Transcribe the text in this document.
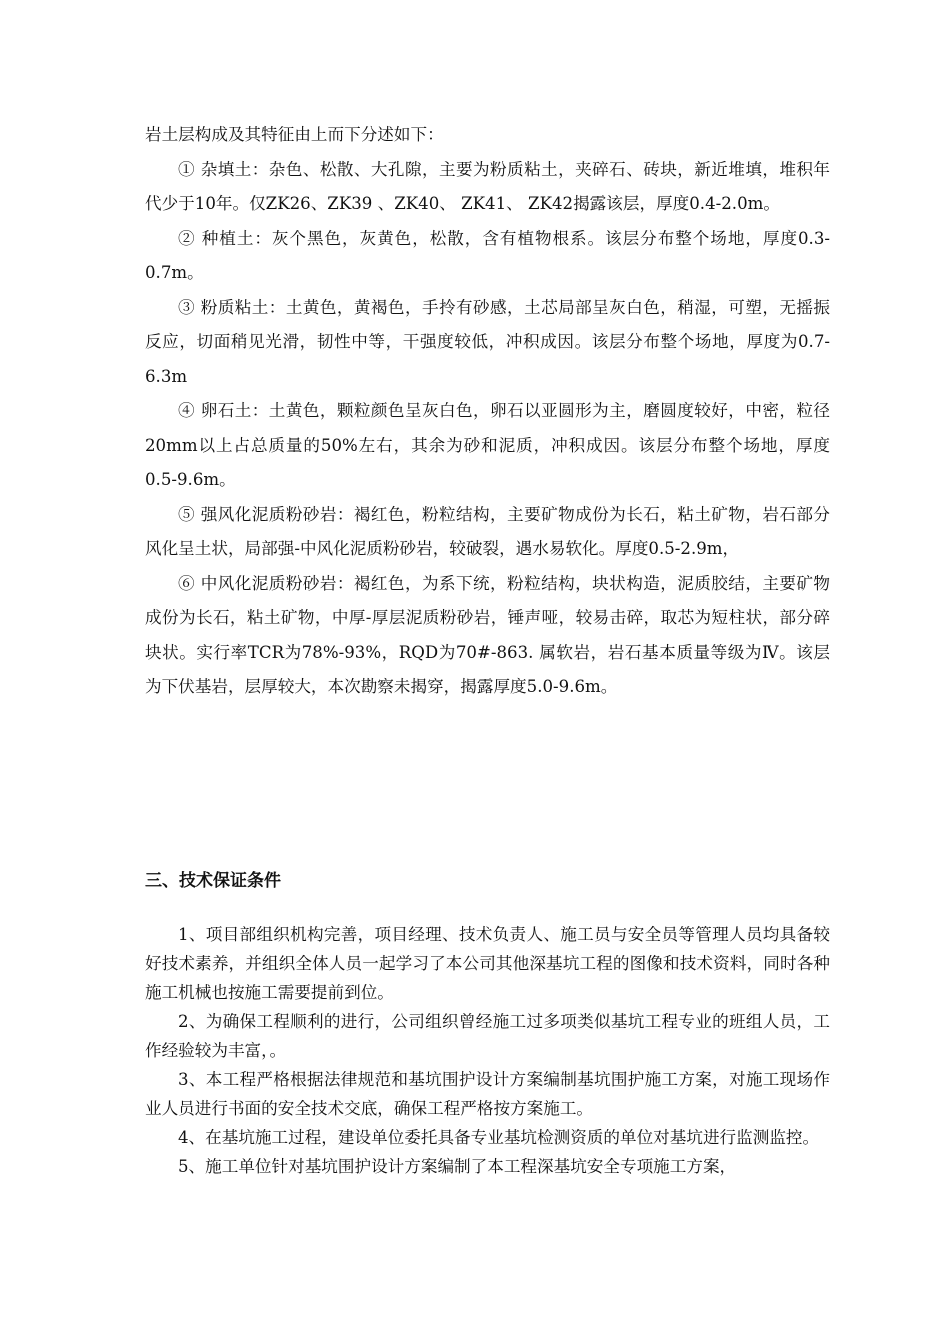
岩土层构成及其特征由上而下分述如下：

① 杂填土：杂色、松散、大孔隙，主要为粉质粘土，夹碎石、砖块，新近堆填，堆积年代少于10年。仅ZK26、ZK39 、ZK40、 ZK41、 ZK42揭露该层，厚度0.4-2.0m。

② 种植土：灰个黑色，灰黄色，松散，含有植物根系。该层分布整个场地，厚度0.3-0.7m。

③ 粉质粘土：土黄色，黄褐色，手拎有砂感，土芯局部呈灰白色，稍湿，可塑，无摇振反应，切面稍见光滑，韧性中等，干强度较低，冲积成因。该层分布整个场地，厚度为0.7-6.3m

④ 卵石土：土黄色，颗粒颜色呈灰白色，卵石以亚圆形为主，磨圆度较好，中密，粒径20mm以上占总质量的50%左右，其余为砂和泥质，冲积成因。该层分布整个场地，厚度0.5-9.6m。

⑤ 强风化泥质粉砂岩：褐红色，粉粒结构，主要矿物成份为长石，粘土矿物，岩石部分风化呈土状，局部强-中风化泥质粉砂岩，较破裂，遇水易软化。厚度0.5-2.9m，

⑥ 中风化泥质粉砂岩：褐红色，为系下统，粉粒结构，块状构造，泥质胶结，主要矿物成份为长石，粘土矿物，中厚-厚层泥质粉砂岩，锤声哑，较易击碎，取芯为短柱状，部分碎块状。实行率TCR为78%-93%，RQD为70#-863. 属软岩，岩石基本质量等级为Ⅳ。该层为下伏基岩，层厚较大，本次勘察未揭穿，揭露厚度5.0-9.6m。

三、技术保证条件

1、项目部组织机构完善，项目经理、技术负责人、施工员与安全员等管理人员均具备较好技术素养，并组织全体人员一起学习了本公司其他深基坑工程的图像和技术资料，同时各种施工机械也按施工需要提前到位。

2、为确保工程顺利的进行，公司组织曾经施工过多项类似基坑工程专业的班组人员，工作经验较为丰富，。

3、本工程严格根据法律规范和基坑围护设计方案编制基坑围护施工方案，对施工现场作业人员进行书面的安全技术交底，确保工程严格按方案施工。

4、在基坑施工过程，建设单位委托具备专业基坑检测资质的单位对基坑进行监测监控。

5、施工单位针对基坑围护设计方案编制了本工程深基坑安全专项施工方案，
